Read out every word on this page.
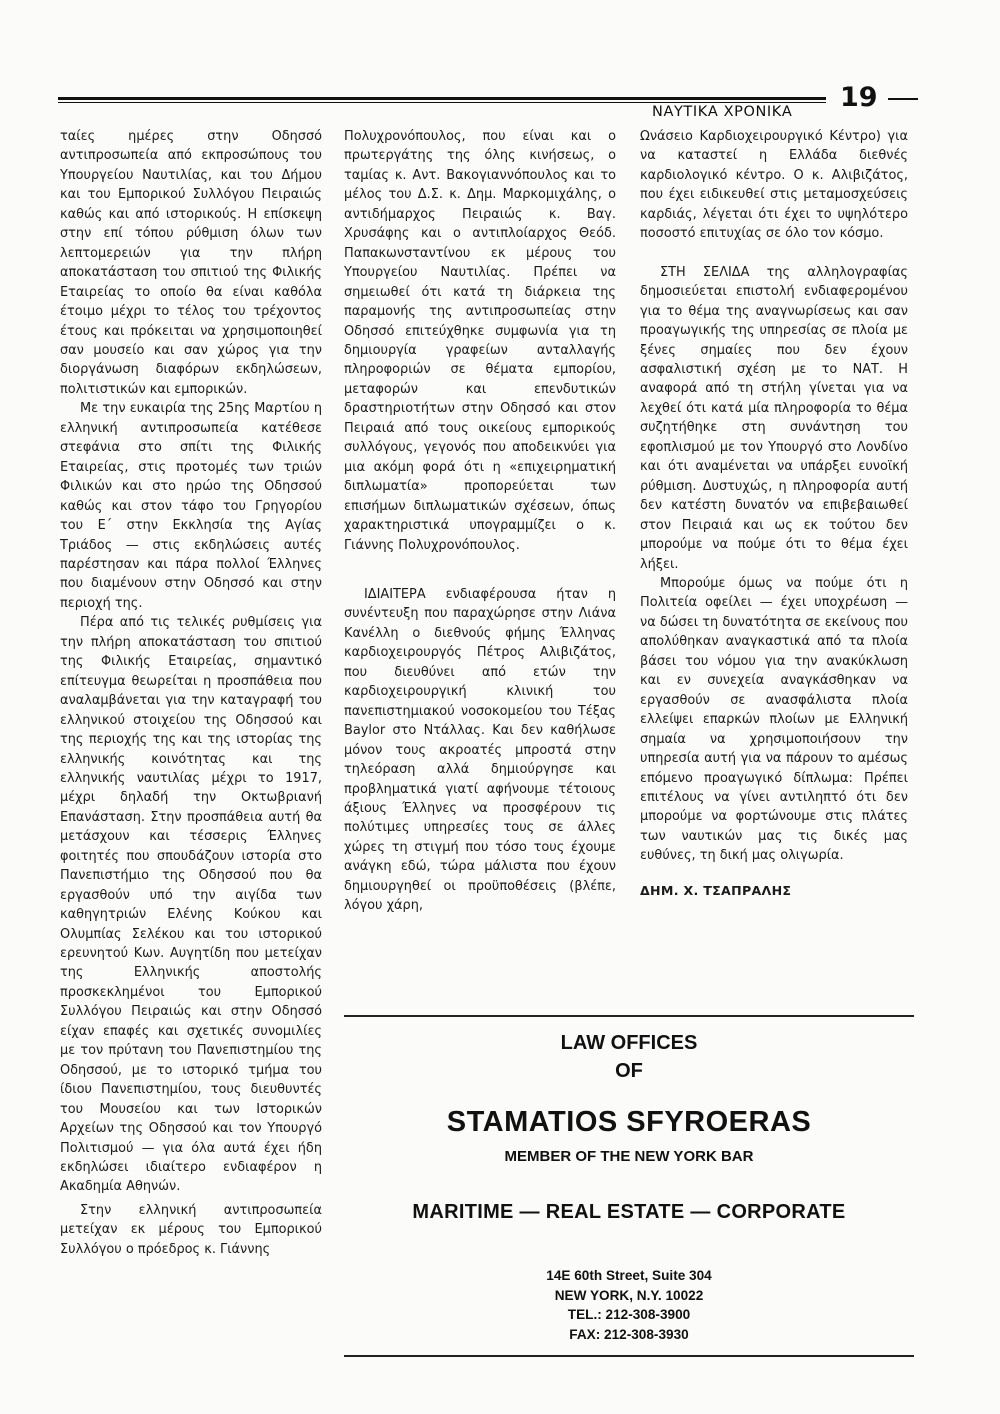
ΝΑΥΤΙΚΑ ΧΡΟΝΙΚΑ 19

ταίες ημέρες στην Οδησσό αντιπροσωπεία από εκπροσώπους του Υπουργείου Ναυτιλίας, και του Δήμου και του Εμπορικού Συλλόγου Πειραιώς καθώς και από ιστορικούς. Η επίσκεψη στην επί τόπου ρύθμιση όλων των λεπτομερειών για την πλήρη αποκατάσταση του σπιτιού της Φιλικής Εταιρείας το οποίο θα είναι καθόλα έτοιμο μέχρι το τέλος του τρέχοντος έτους και πρόκειται να χρησιμοποιηθεί σαν μουσείο και σαν χώρος για την διοργάνωση διαφόρων εκδηλώσεων, πολιτιστικών και εμπορικών.

Με την ευκαιρία της 25ης Μαρτίου η ελληνική αντιπροσωπεία κατέθεσε στεφάνια στο σπίτι της Φιλικής Εταιρείας, στις προτομές των τριών Φιλικών και στο ηρώο της Οδησσού καθώς και στον τάφο του Γρηγορίου του Ε΄ στην Εκκλησία της Αγίας Τριάδος — στις εκδηλώσεις αυτές παρέστησαν και πάρα πολλοί Έλληνες που διαμένουν στην Οδησσό και στην περιοχή της.

Πέρα από τις τελικές ρυθμίσεις για την πλήρη αποκατάσταση του σπιτιού της Φιλικής Εταιρείας, σημαντικό επίτευγμα θεωρείται η προσπάθεια που αναλαμβάνεται για την καταγραφή του ελληνικού στοιχείου της Οδησσού και της περιοχής της και της ιστορίας της ελληνικής κοινότητας και της ελληνικής ναυτιλίας μέχρι το 1917, μέχρι δηλαδή την Οκτωβριανή Επανάσταση. Στην προσπάθεια αυτή θα μετάσχουν και τέσσερις Έλληνες φοιτητές που σπουδάζουν ιστορία στο Πανεπιστήμιο της Οδησσού που θα εργασθούν υπό την αιγίδα των καθηγητριών Ελένης Κούκου και Ολυμπίας Σελέκου και του ιστορικού ερευνητού Κων. Αυγητίδη που μετείχαν της Ελληνικής αποστολής προσκεκλημένοι του Εμπορικού Συλλόγου Πειραιώς και στην Οδησσό είχαν επαφές και σχετικές συνομιλίες με τον πρύτανη του Πανεπιστημίου της Οδησσού, με το ιστορικό τμήμα του ίδιου Πανεπιστημίου, τους διευθυντές του Μουσείου και των Ιστορικών Αρχείων της Οδησσού και τον Υπουργό Πολιτισμού — για όλα αυτά έχει ήδη εκδηλώσει ιδιαίτερο ενδιαφέρον η Ακαδημία Αθηνών.

Στην ελληνική αντιπροσωπεία μετείχαν εκ μέρους του Εμπορικού Συλλόγου ο πρόεδρος κ. Γιάννης

Πολυχρονόπουλος, που είναι και ο πρωτεργάτης της όλης κινήσεως, ο ταμίας κ. Αντ. Βακογιαννόπουλος και το μέλος του Δ.Σ. κ. Δημ. Μαρκομιχάλης, ο αντιδήμαρχος Πειραιώς κ. Βαγ. Χρυσάφης και ο αντιπλοίαρχος Θεόδ. Παπακωνσταντίνου εκ μέρους του Υπουργείου Ναυτιλίας. Πρέπει να σημειωθεί ότι κατά τη διάρκεια της παραμονής της αντιπροσωπείας στην Οδησσό επιτεύχθηκε συμφωνία για τη δημιουργία γραφείων ανταλλαγής πληροφοριών σε θέματα εμπορίου, μεταφορών και επενδυτικών δραστηριοτήτων στην Οδησσό και στον Πειραιά από τους οικείους εμπορικούς συλλόγους, γεγονός που αποδεικνύει για μια ακόμη φορά ότι η «επιχειρηματική διπλωματία» προπορεύεται των επισήμων διπλωματικών σχέσεων, όπως χαρακτηριστικά υπογραμμίζει ο κ. Γιάννης Πολυχρονόπουλος.

ΙΔΙΑΙΤΕΡΑ ενδιαφέρουσα ήταν η συνέντευξη που παραχώρησε στην Λιάνα Κανέλλη ο διεθνούς φήμης Έλληνας καρδιοχειρουργός Πέτρος Αλιβιζάτος, που διευθύνει από ετών την καρδιοχειρουργική κλινική του πανεπιστημιακού νοσοκομείου του Τέξας Baylor στο Ντάλλας. Και δεν καθήλωσε μόνον τους ακροατές μπροστά στην τηλεόραση αλλά δημιούργησε και προβληματικά γιατί αφήνουμε τέτοιους άξιους Έλληνες να προσφέρουν τις πολύτιμες υπηρεσίες τους σε άλλες χώρες τη στιγμή που τόσο τους έχουμε ανάγκη εδώ, τώρα μάλιστα που έχουν δημιουργηθεί οι προϋποθέσεις (βλέπε, λόγου χάρη,

Ωνάσειο Καρδιοχειρουργικό Κέντρο) για να καταστεί η Ελλάδα διεθνές καρδιολογικό κέντρο. Ο κ. Αλιβιζάτος, που έχει ειδικευθεί στις μεταμοσχεύσεις καρδιάς, λέγεται ότι έχει το υψηλότερο ποσοστό επιτυχίας σε όλο τον κόσμο.

ΣΤΗ ΣΕΛΙΔΑ της αλληλογραφίας δημοσιεύεται επιστολή ενδιαφερομένου για το θέμα της αναγνωρίσεως και σαν προαγωγικής της υπηρεσίας σε πλοία με ξένες σημαίες που δεν έχουν ασφαλιστική σχέση με το ΝΑΤ. Η αναφορά από τη στήλη γίνεται για να λεχθεί ότι κατά μία πληροφορία το θέμα συζητήθηκε στη συνάντηση του εφοπλισμού με τον Υπουργό στο Λονδίνο και ότι αναμένεται να υπάρξει ευνοϊκή ρύθμιση. Δυστυχώς, η πληροφορία αυτή δεν κατέστη δυνατόν να επιβεβαιωθεί στον Πειραιά και ως εκ τούτου δεν μπορούμε να πούμε ότι το θέμα έχει λήξει.

Μπορούμε όμως να πούμε ότι η Πολιτεία οφείλει — έχει υποχρέωση — να δώσει τη δυνατότητα σε εκείνους που απολύθηκαν αναγκαστικά από τα πλοία βάσει του νόμου για την ανακύκλωση και εν συνεχεία αναγκάσθηκαν να εργασθούν σε ανασφάλιστα πλοία ελλείψει επαρκών πλοίων με Ελληνική σημαία να χρησιμοποιήσουν την υπηρεσία αυτή για να πάρουν το αμέσως επόμενο προαγωγικό δίπλωμα: Πρέπει επιτέλους να γίνει αντιληπτό ότι δεν μπορούμε να φορτώνουμε στις πλάτες των ναυτικών μας τις δικές μας ευθύνες, τη δική μας ολιγωρία.

ΔΗΜ. Χ. ΤΣΑΠΡΑΛΗΣ

LAW OFFICES
OF
STAMATIOS SFYROERAS
MEMBER OF THE NEW YORK BAR
MARITIME — REAL ESTATE — CORPORATE
14E 60th Street, Suite 304
NEW YORK, N.Y. 10022
TEL.: 212-308-3900
FAX: 212-308-3930
